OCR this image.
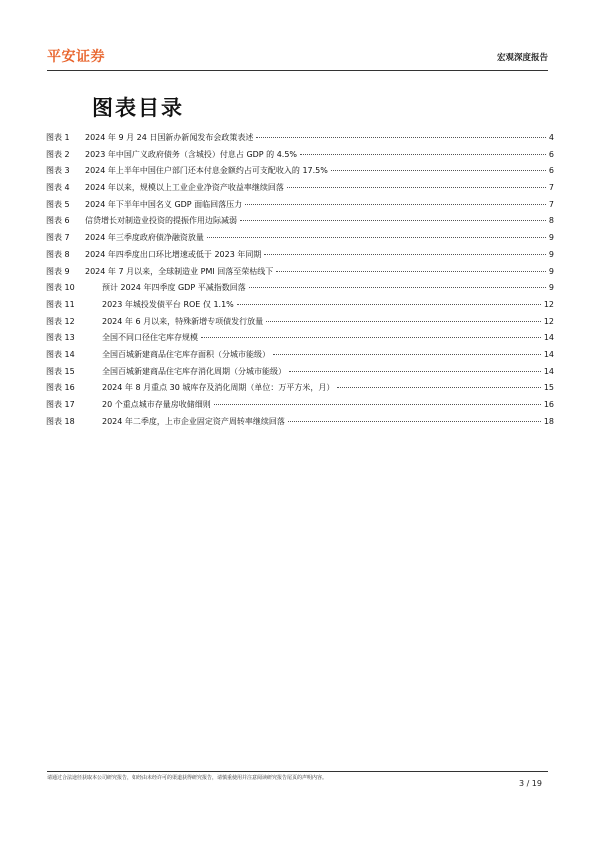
平安证券	宏观深度报告
图表目录
图表 1	2024 年 9 月 24 日国新办新闻发布会政策表述	4
图表 2	2023 年中国广义政府债务（含城投）付息占 GDP 的 4.5%	6
图表 3	2024 年上半年中国住户部门还本付息金额约占可支配收入的 17.5%	6
图表 4	2024 年以来，规模以上工业企业净资产收益率继续回落	7
图表 5	2024 年下半年中国名义 GDP 面临回落压力	7
图表 6	信贷增长对制造业投资的提振作用边际减弱	8
图表 7	2024 年三季度政府债净融资放量	9
图表 8	2024 年四季度出口环比增速或低于 2023 年同期	9
图表 9	2024 年 7 月以来，全球制造业 PMI 回落至荣枯线下	9
图表 10	预计 2024 年四季度 GDP 平减指数回落	9
图表 11	2023 年城投发债平台 ROE 仅 1.1%	12
图表 12	2024 年 6 月以来，特殊新增专项债发行放量	12
图表 13	全国不同口径住宅库存规模	14
图表 14	全国百城新建商品住宅库存面积（分城市能级）	14
图表 15	全国百城新建商品住宅库存消化周期（分城市能级）	14
图表 16	2024 年 8 月重点 30 城库存及消化周期（单位：万平方米，月）	15
图表 17	20 个重点城市存量房收储细则	16
图表 18	2024 年二季度，上市企业固定资产周转率继续回落	18
请通过合法途径获取本公司研究报告，如经由未经许可的渠道获得研究报告，请慎重使用并注意阅读研究报告尾页的声明内容。
3 / 19
